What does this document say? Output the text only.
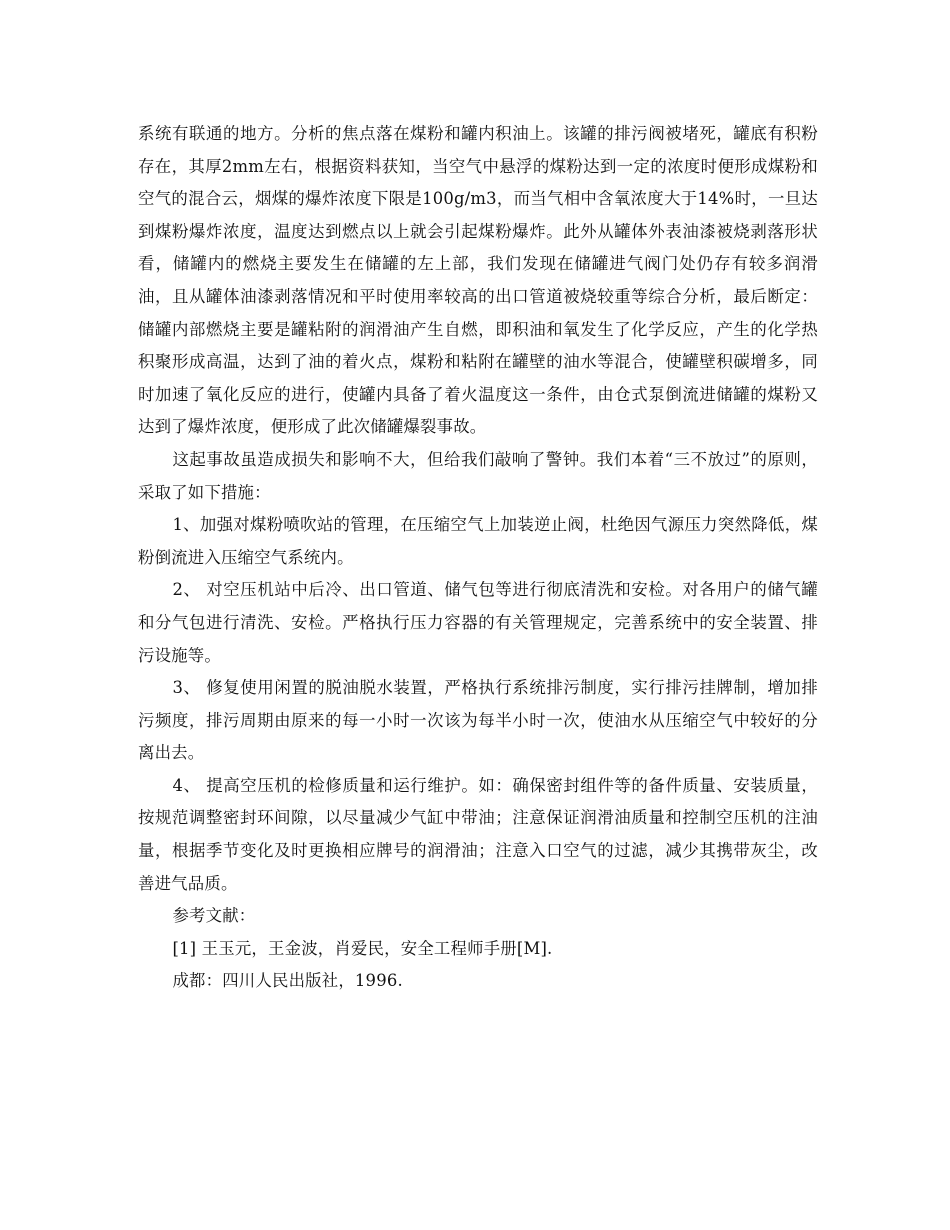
系统有联通的地方。分析的焦点落在煤粉和罐内积油上。该罐的排污阀被堵死，罐底有积粉存在，其厚2mm左右，根据资料获知，当空气中悬浮的煤粉达到一定的浓度时便形成煤粉和空气的混合云，烟煤的爆炸浓度下限是100g/m3，而当气相中含氧浓度大于14%时，一旦达到煤粉爆炸浓度，温度达到燃点以上就会引起煤粉爆炸。此外从罐体外表油漆被烧剥落形状看，储罐内的燃烧主要发生在储罐的左上部，我们发现在储罐进气阀门处仍存有较多润滑油，且从罐体油漆剥落情况和平时使用率较高的出口管道被烧较重等综合分析，最后断定：储罐内部燃烧主要是罐粘附的润滑油产生自燃，即积油和氧发生了化学反应，产生的化学热积聚形成高温，达到了油的着火点，煤粉和粘附在罐壁的油水等混合，使罐壁积碳增多，同时加速了氧化反应的进行，使罐内具备了着火温度这一条件，由仓式泵倒流进储罐的煤粉又达到了爆炸浓度，便形成了此次储罐爆裂事故。

这起事故虽造成损失和影响不大，但给我们敲响了警钟。我们本着“三不放过”的原则，采取了如下措施：

1、加强对煤粉喷吹站的管理，在压缩空气上加装逆止阀，杜绝因气源压力突然降低，煤粉倒流进入压缩空气系统内。

2、 对空压机站中后冷、出口管道、储气包等进行彻底清洗和安检。对各用户的储气罐和分气包进行清洗、安检。严格执行压力容器的有关管理规定，完善系统中的安全装置、排污设施等。

3、 修复使用闲置的脱油脱水装置，严格执行系统排污制度，实行排污挂牌制，增加排污频度，排污周期由原来的每一小时一次该为每半小时一次，使油水从压缩空气中较好的分离出去。

4、 提高空压机的检修质量和运行维护。如：确保密封组件等的备件质量、安装质量，按规范调整密封环间隙，以尽量减少气缸中带油；注意保证润滑油质量和控制空压机的注油量，根据季节变化及时更换相应牌号的润滑油；注意入口空气的过滤，减少其携带灰尘，改善进气品质。

参考文献：

[1] 王玉元，王金波，肖爱民，安全工程师手册[M].

成都：四川人民出版社，1996.
